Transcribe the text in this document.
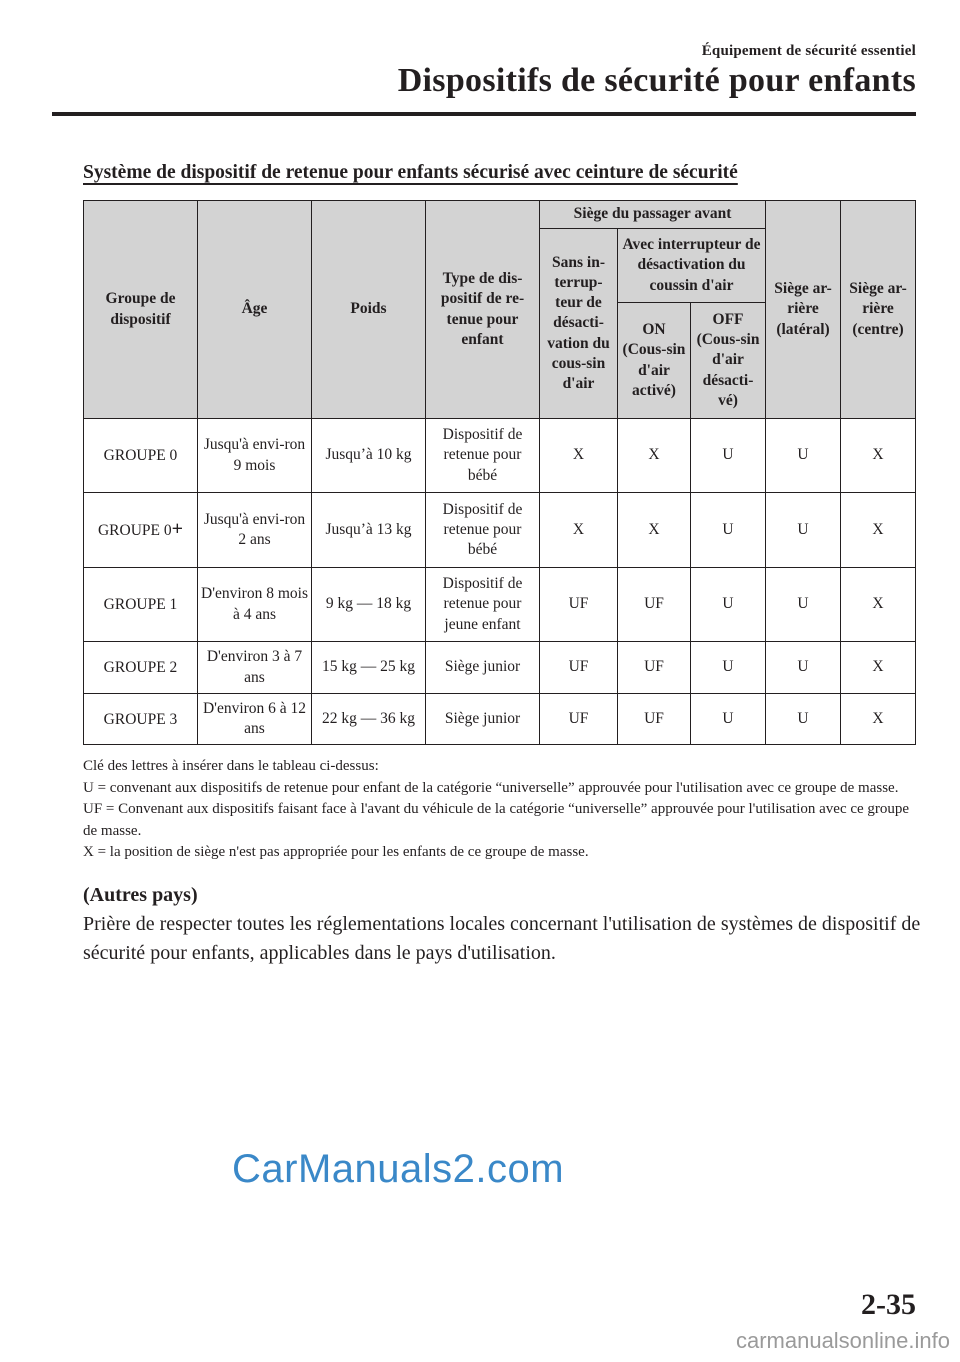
Équipement de sécurité essentiel
Dispositifs de sécurité pour enfants
Système de dispositif de retenue pour enfants sécurisé avec ceinture de sécurité
Groupe de dispositif	Âge	Poids	Type de dis-positif de re-tenue pour enfant	Siège du passager avant			Siège ar-rière (latéral)	Siège ar-rière (centre)
				Sans in-terrup-teur de désacti-vation du cous-sin d'air	Avec interrupteur de désactivation du coussin d'air			
					ON (Cous-sin d'air activé)	OFF (Cous-sin d'air désacti-vé)		
GROUPE 0	Jusqu'à envi-ron 9 mois	Jusqu’à 10 kg	Dispositif de retenue pour bébé	X	X	U	U	X
GROUPE 0+	Jusqu'à envi-ron 2 ans	Jusqu’à 13 kg	Dispositif de retenue pour bébé	X	X	U	U	X
GROUPE 1	D'environ 8 mois à 4 ans	9 kg ― 18 kg	Dispositif de retenue pour jeune enfant	UF	UF	U	U	X
GROUPE 2	D'environ 3 à 7 ans	15 kg ― 25 kg	Siège junior	UF	UF	U	U	X
GROUPE 3	D'environ 6 à 12 ans	22 kg ― 36 kg	Siège junior	UF	UF	U	U	X

Clé des lettres à insérer dans le tableau ci-dessus:

U = convenant aux dispositifs de retenue pour enfant de la catégorie “universelle” approuvée pour l'utilisation avec ce groupe de masse.

UF = Convenant aux dispositifs faisant face à l'avant du véhicule de la catégorie “universelle” approuvée pour l'utilisation avec ce groupe de masse.

X = la position de siège n'est pas appropriée pour les enfants de ce groupe de masse.

(Autres pays)
Prière de respecter toutes les réglementations locales concernant l'utilisation de systèmes de dispositif de sécurité pour enfants, applicables dans le pays d'utilisation.
CarManuals2.com
2-35
carmanualsonline.info
